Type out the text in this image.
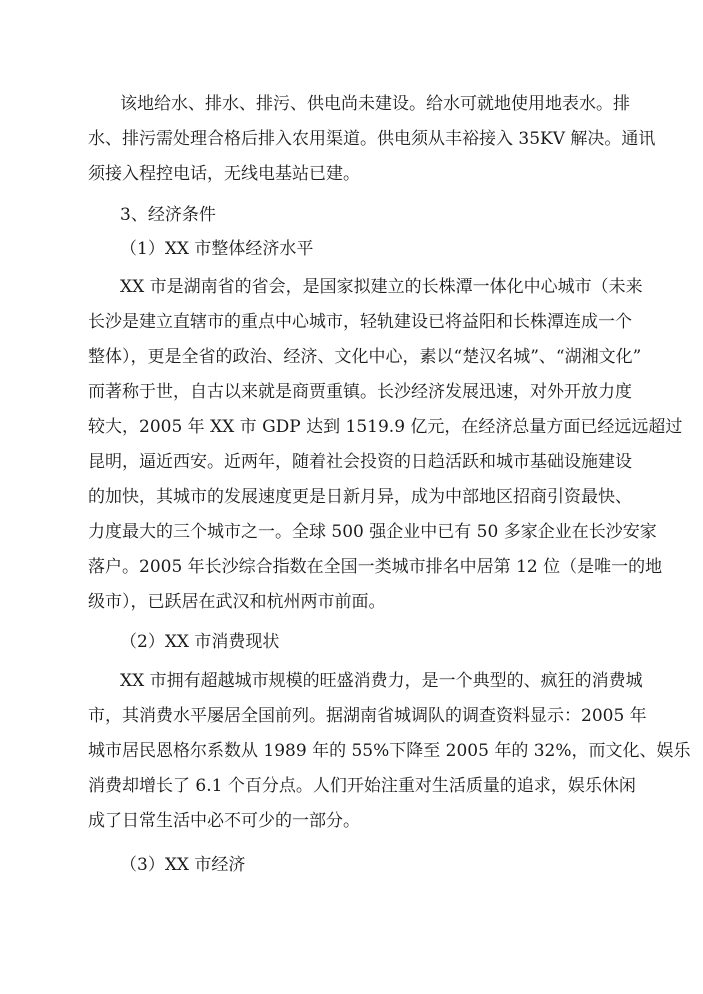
该地给水、排水、排污、供电尚未建设。给水可就地使用地表水。排
水、排污需处理合格后排入农用渠道。供电须从丰裕接入 35KV 解决。通讯
须接入程控电话，无线电基站已建。
3、经济条件
（1）XX 市整体经济水平
XX 市是湖南省的省会，是国家拟建立的长株潭一体化中心城市（未来
长沙是建立直辖市的重点中心城市，轻轨建设已将益阳和长株潭连成一个
整体），更是全省的政治、经济、文化中心，素以“楚汉名城”、“湖湘文化”
而著称于世，自古以来就是商贾重镇。长沙经济发展迅速，对外开放力度
较大，2005 年 XX 市 GDP 达到 1519.9 亿元，在经济总量方面已经远远超过
昆明，逼近西安。近两年，随着社会投资的日趋活跃和城市基础设施建设
的加快，其城市的发展速度更是日新月异，成为中部地区招商引资最快、
力度最大的三个城市之一。全球 500 强企业中已有 50 多家企业在长沙安家
落户。2005 年长沙综合指数在全国一类城市排名中居第 12 位（是唯一的地
级市），已跃居在武汉和杭州两市前面。
（2）XX 市消费现状
XX 市拥有超越城市规模的旺盛消费力，是一个典型的、疯狂的消费城
市，其消费水平屡居全国前列。据湖南省城调队的调查资料显示：2005 年
城市居民恩格尔系数从 1989 年的 55%下降至 2005 年的 32%，而文化、娱乐
消费却增长了 6.1 个百分点。人们开始注重对生活质量的追求，娱乐休闲
成了日常生活中必不可少的一部分。
（3）XX 市经济
